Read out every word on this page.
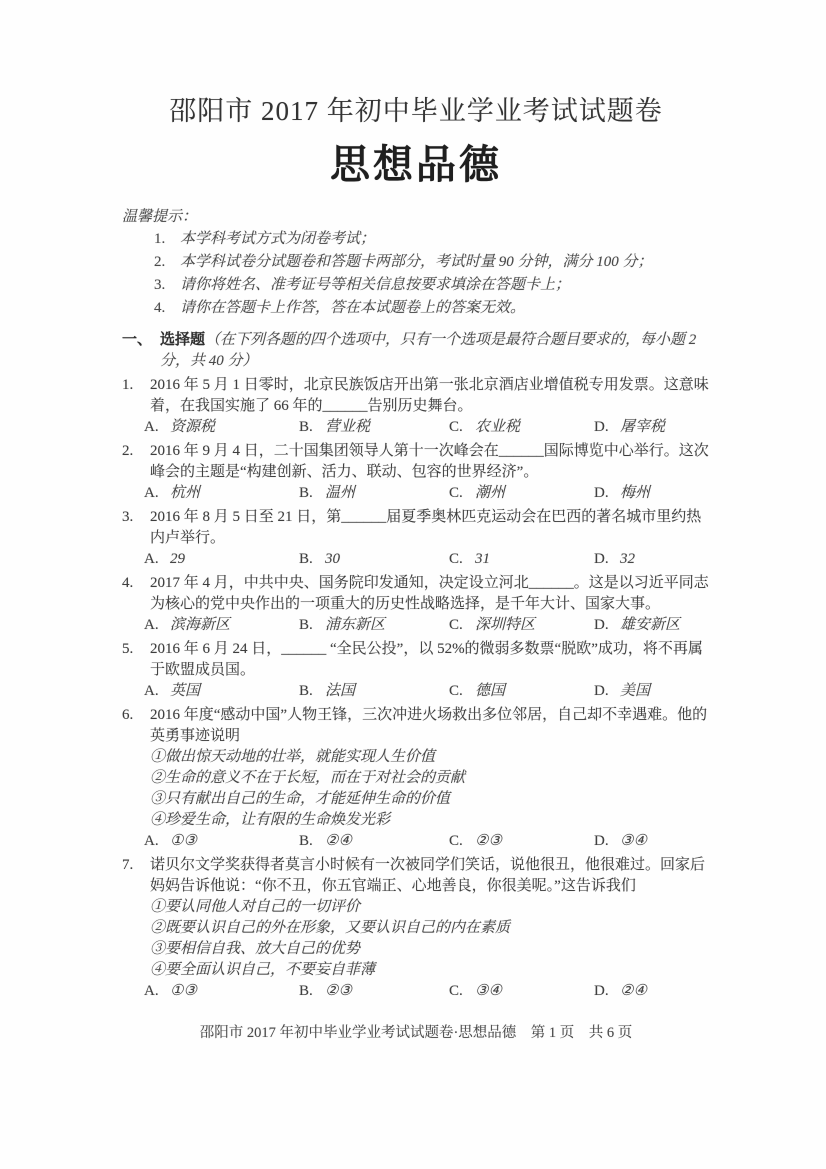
邵阳市 2017 年初中毕业学业考试试题卷
思想品德
温馨提示：
1. 本学科考试方式为闭卷考试；
2. 本学科试卷分试题卷和答题卡两部分，考试时量 90 分钟，满分 100 分；
3. 请你将姓名、准考证号等相关信息按要求填涂在答题卡上；
4. 请你在答题卡上作答，答在本试题卷上的答案无效。
一、 选择题（在下列各题的四个选项中，只有一个选项是最符合题目要求的，每小题 2 分，共 40 分）

1. 2016 年 5 月 1 日零时，北京民族饭店开出第一张北京酒店业增值税专用发票。这意味着，在我国实施了 66 年的______告别历史舞台。

A. 资源税	B. 营业税	C. 农业税	D. 屠宰税

2. 2016 年 9 月 4 日，二十国集团领导人第十一次峰会在______国际博览中心举行。这次峰会的主题是“构建创新、活力、联动、包容的世界经济”。

A. 杭州	B. 温州	C. 潮州	D. 梅州

3. 2016 年 8 月 5 日至 21 日，第______届夏季奥林匹克运动会在巴西的著名城市里约热内卢举行。

A. 29	B. 30	C. 31	D. 32

4. 2017 年 4 月，中共中央、国务院印发通知，决定设立河北______。这是以习近平同志为核心的党中央作出的一项重大的历史性战略选择，是千年大计、国家大事。

A. 滨海新区	B. 浦东新区	C. 深圳特区	D. 雄安新区

5. 2016 年 6 月 24 日，______ “全民公投”，以 52%的微弱多数票“脱欧”成功，将不再属于欧盟成员国。

A. 英国	B. 法国	C. 德国	D. 美国

6. 2016 年度“感动中国”人物王锋，三次冲进火场救出多位邻居，自己却不幸遇难。他的英勇事迹说明

①做出惊天动地的壮举，就能实现人生价值
②生命的意义不在于长短，而在于对社会的贡献
③只有献出自己的生命，才能延伸生命的价值
④珍爱生命，让有限的生命焕发光彩
A. ①③	B. ②④	C. ②③	D. ③④

7. 诺贝尔文学奖获得者莫言小时候有一次被同学们笑话，说他很丑，他很难过。回家后妈妈告诉他说：“你不丑，你五官端正、心地善良，你很美呢。”这告诉我们

①要认同他人对自己的一切评价
②既要认识自己的外在形象，又要认识自己的内在素质
③要相信自我、放大自己的优势
④要全面认识自己，不要妄自菲薄
A. ①③	B. ②③	C. ③④	D. ②④
邵阳市 2017 年初中毕业学业考试试题卷·思想品德　第 1 页　共 6 页
